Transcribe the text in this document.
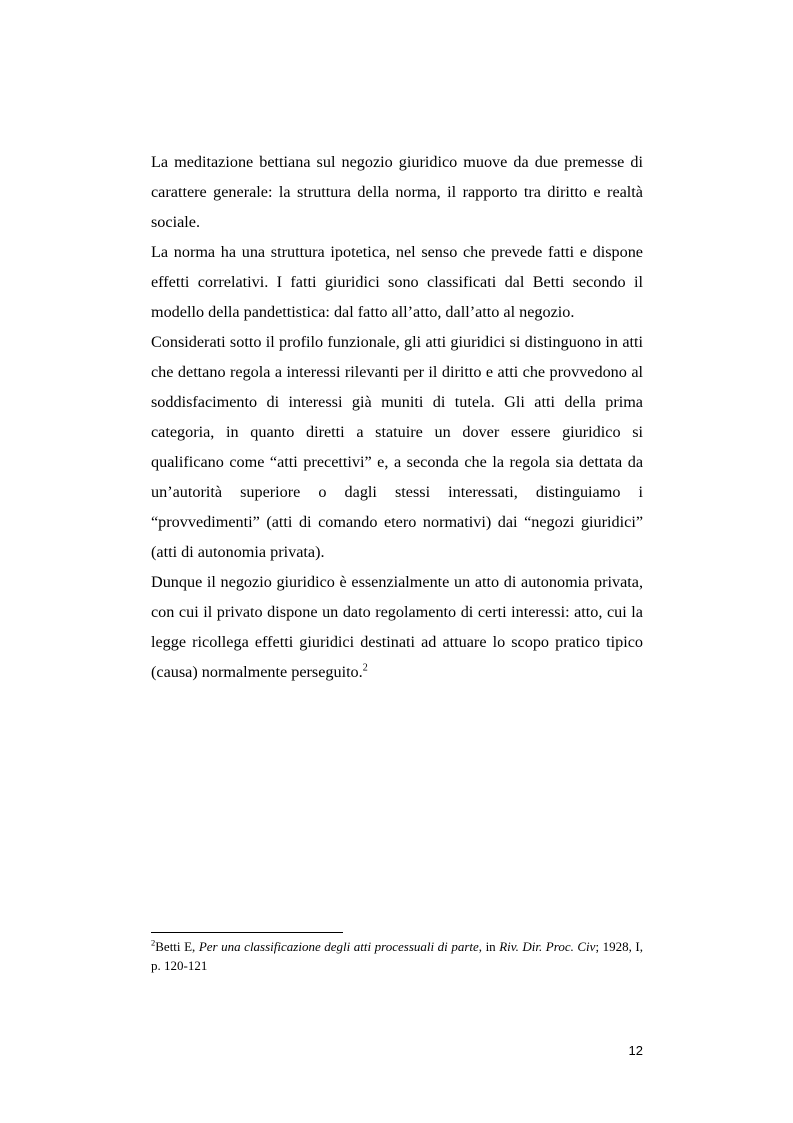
La meditazione bettiana sul negozio giuridico muove da due premesse di carattere generale: la struttura della norma, il rapporto tra diritto e realtà sociale.

La norma ha una struttura ipotetica, nel senso che prevede fatti e dispone effetti correlativi. I fatti giuridici sono classificati dal Betti secondo il modello della pandettistica: dal fatto all’atto, dall’atto al negozio.

Considerati sotto il profilo funzionale, gli atti giuridici si distinguono in atti che dettano regola a interessi rilevanti per il diritto e atti che provvedono al soddisfacimento di interessi già muniti di tutela. Gli atti della prima categoria, in quanto diretti a statuire un dover essere giuridico si qualificano come “atti precettivi” e, a seconda che la regola sia dettata da un’autorità superiore o dagli stessi interessati, distinguiamo i “provvedimenti” (atti di comando etero normativi) dai “negozi giuridici” (atti di autonomia privata).

Dunque il negozio giuridico è essenzialmente un atto di autonomia privata, con cui il privato dispone un dato regolamento di certi interessi: atto, cui la legge ricollega effetti giuridici destinati ad attuare lo scopo pratico tipico (causa) normalmente perseguito.$^2$

$^2$Betti E, Per una classificazione degli atti processuali di parte, in Riv. Dir. Proc. Civ; 1928, I, p. 120-121
12
